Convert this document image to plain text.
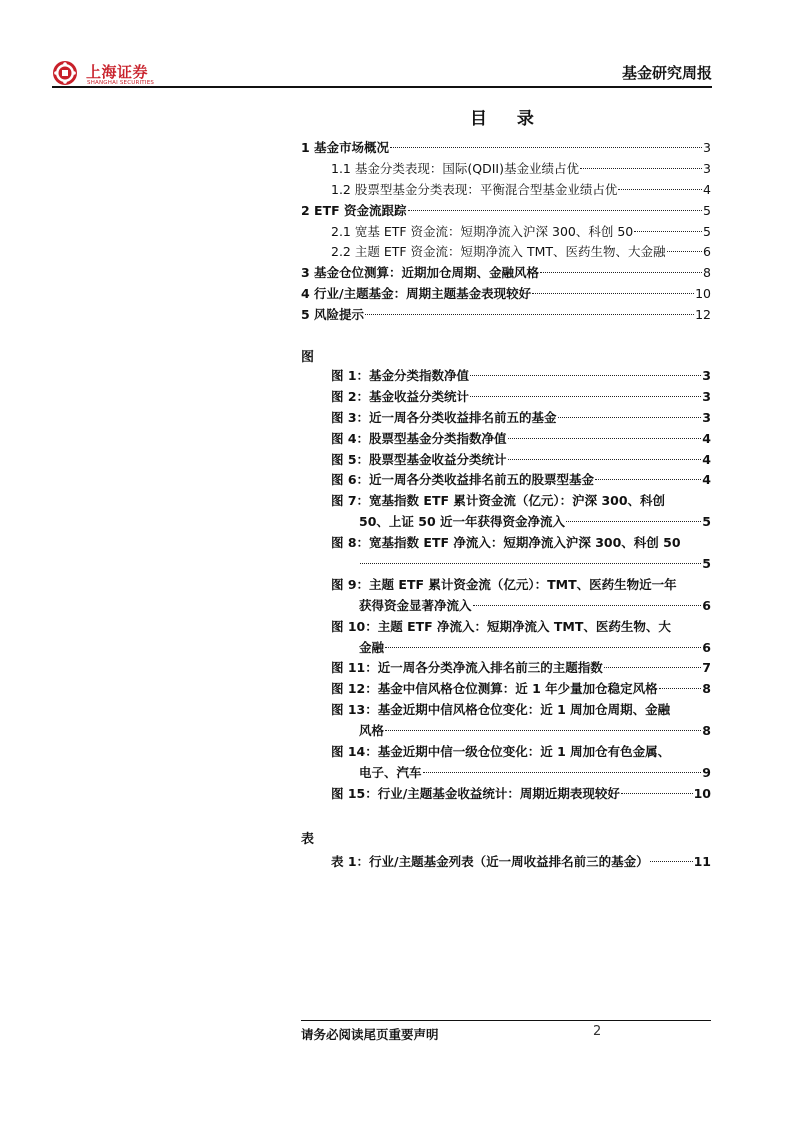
上海证券
SHANGHAI SECURITIES
基金研究周报
目 录
1 基金市场概况	3
1.1 基金分类表现：国际(QDII)基金业绩占优	3
1.2 股票型基金分类表现：平衡混合型基金业绩占优	4
2 ETF 资金流跟踪	5
2.1 宽基 ETF 资金流：短期净流入沪深 300、科创 50	5
2.2 主题 ETF 资金流：短期净流入 TMT、医药生物、大金融	6
3 基金仓位测算：近期加仓周期、金融风格	8
4 行业/主题基金：周期主题基金表现较好	10
5 风险提示	12
图
图 1：基金分类指数净值	3
图 2：基金收益分类统计	3
图 3：近一周各分类收益排名前五的基金	3
图 4：股票型基金分类指数净值	4
图 5：股票型基金收益分类统计	4
图 6：近一周各分类收益排名前五的股票型基金	4
图 7：宽基指数 ETF 累计资金流（亿元）：沪深 300、科创
50、上证 50 近一年获得资金净流入	5
图 8：宽基指数 ETF 净流入：短期净流入沪深 300、科创 50
5
图 9：主题 ETF 累计资金流（亿元）：TMT、医药生物近一年
获得资金显著净流入	6
图 10：主题 ETF 净流入：短期净流入 TMT、医药生物、大
金融	6
图 11：近一周各分类净流入排名前三的主题指数	7
图 12：基金中信风格仓位测算：近 1 年少量加仓稳定风格	8
图 13：基金近期中信风格仓位变化：近 1 周加仓周期、金融
风格	8
图 14：基金近期中信一级仓位变化：近 1 周加仓有色金属、
电子、汽车	9
图 15：行业/主题基金收益统计：周期近期表现较好	10
表
表 1：行业/主题基金列表（近一周收益排名前三的基金）	11
请务必阅读尾页重要声明	2
